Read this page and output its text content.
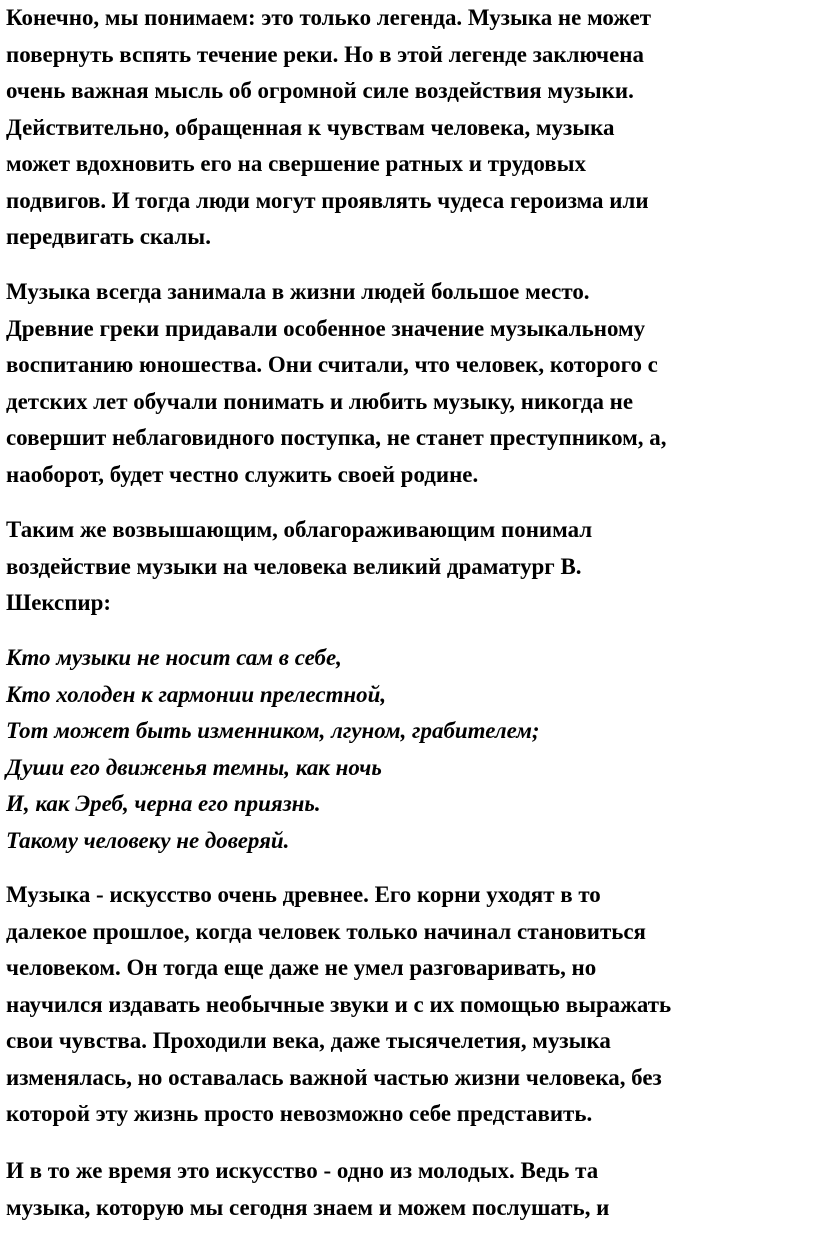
Конечно, мы понимаем: это только легенда. Музыка не может повернуть вспять течение реки. Но в этой легенде заключена очень важная мысль об огромной силе воздействия музыки. Действительно, обращенная к чувствам человека, музыка может вдохновить его на свершение ратных и трудовых подвигов. И тогда люди могут проявлять чудеса героизма или передвигать скалы.

Музыка всегда занимала в жизни людей большое место. Древние греки придавали особенное значение музыкальному воспитанию юношества. Они считали, что человек, которого с детских лет обучали понимать и любить музыку, никогда не совершит неблаговидного поступка, не станет преступником, а, наоборот, будет честно служить своей родине.

Таким же возвышающим, облагораживающим понимал воздействие музыки на человека великий драматург В. Шекспир:

Кто музыки не носит сам в себе, Кто холоден к гармонии прелестной, Тот может быть изменником, лгуном, грабителем; Души его движенья темны, как ночь И, как Эреб, черна его приязнь. Такому человеку не доверяй.

Музыка - искусство очень древнее. Его корни уходят в то далекое прошлое, когда человек только начинал становиться человеком. Он тогда еще даже не умел разговаривать, но научился издавать необычные звуки и с их помощью выражать свои чувства. Проходили века, даже тысячелетия, музыка изменялась, но оставалась важной частью жизни человека, без которой эту жизнь просто невозможно себе представить.

И в то же время это искусство - одно из молодых. Ведь та музыка, которую мы сегодня знаем и можем послушать, и
